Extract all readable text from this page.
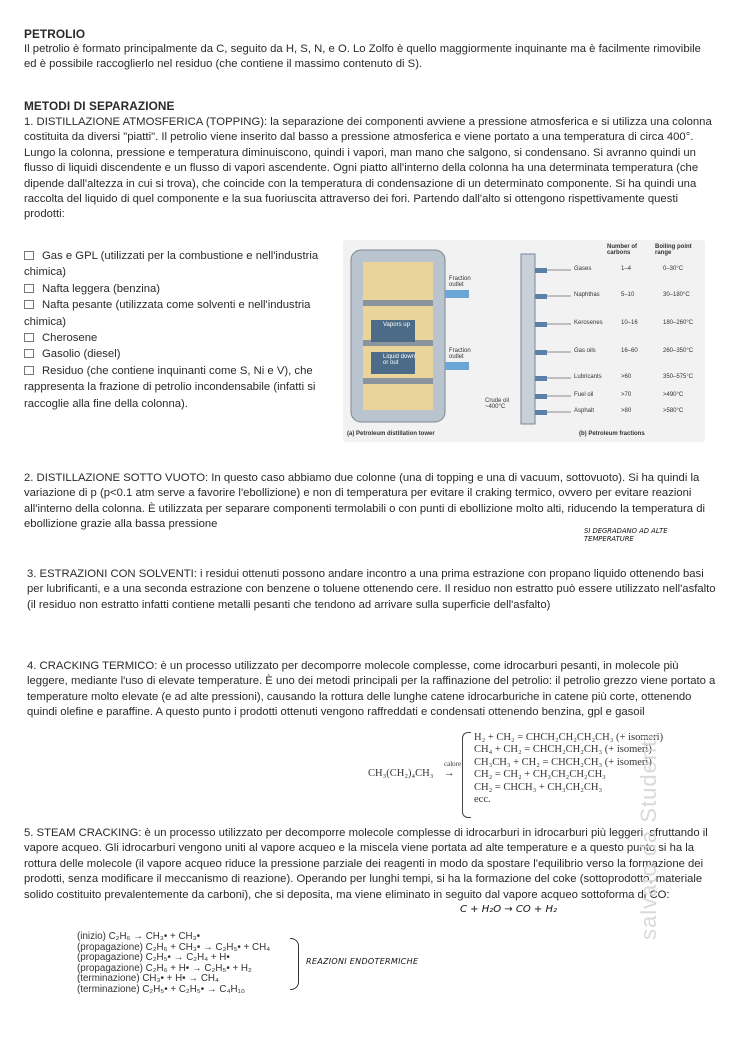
PETROLIO
Il petrolio è formato principalmente da C, seguito da H, S, N, e O. Lo Zolfo è quello maggiormente inquinante ma è facilmente rimovibile ed è possibile raccoglierlo nel residuo (che contiene il massimo contenuto di S).
METODI DI SEPARAZIONE
1. DISTILLAZIONE ATMOSFERICA (TOPPING): la separazione dei componenti avviene a pressione atmosferica e si utilizza una colonna costituita da diversi "piatti". Il petrolio viene inserito dal basso a pressione atmosferica e viene portato a una temperatura di circa 400°. Lungo la colonna, pressione e temperatura diminuiscono, quindi i vapori, man mano che salgono, si condensano. Si avranno quindi un flusso di liquidi discendente e un flusso di vapori ascendente. Ogni piatto all'interno della colonna ha una determinata temperatura (che dipende dall'altezza in cui si trova), che coincide con la temperatura di condensazione di un determinato componente. Si ha quindi una raccolta del liquido di quel componente e la sua fuoriuscita attraverso dei fori. Partendo dall'alto si ottengono rispettivamente questi prodotti:
Gas e GPL (utilizzati per la combustione e nell'industria chimica)
Nafta leggera (benzina)
Nafta pesante (utilizzata come solventi e nell'industria chimica)
Cherosene
Gasolio (diesel)
Residuo (che contiene inquinanti come S, Ni e V), che rappresenta la frazione di petrolio incondensabile (infatti si raccoglie alla fine della colonna).
Fraction outlet
Fraction outlet
Vapors up
Liquid down or out
Crude oil ~400°C
Number of carbons
Boiling point range
Gases	1–4	0–30°C
Naphthas	5–10	30–180°C
Kerosenes	10–16	180–260°C
Gas oils	16–60	260–350°C
Lubricants	>60	350–575°C
Fuel oil	>70	>490°C
Asphalt	>80	>580°C
(a) Petroleum distillation tower	(b) Petroleum fractions
2. DISTILLAZIONE SOTTO VUOTO: In questo caso abbiamo due colonne (una di topping e una di vacuum, sottovuoto). Si ha quindi la variazione di p (p<0.1 atm serve a favorire l'ebollizione) e non di temperatura per evitare il craking termico, ovvero per evitare reazioni all'interno della colonna. È utilizzata per separare componenti termolabili o con punti di ebollizione molto alti, riducendo la temperatura di ebollizione grazie alla bassa pressione
SI DEGRADANO AD ALTE TEMPERATURE
3. ESTRAZIONI CON SOLVENTI: i residui ottenuti possono andare incontro a una prima estrazione con propano liquido ottenendo basi per lubrificanti, e a una seconda estrazione con benzene o toluene ottenendo cere. Il residuo non estratto può essere utilizzato nell'asfalto (il residuo non estratto infatti contiene metalli pesanti che tendono ad arrivare sulla superficie dell'asfalto)
4. CRACKING TERMICO: è un processo utilizzato per decomporre molecole complesse, come idrocarburi pesanti, in molecole più leggere, mediante l'uso di elevate temperature. È uno dei metodi principali per la raffinazione del petrolio: il petrolio grezzo viene portato a temperature molto elevate (e ad alte pressioni), causando la rottura delle lunghe catene idrocarburiche in catene più corte, ottenendo quindi olefine e paraffine. A questo punto i prodotti ottenuti vengono raffreddati e condensati ottenendo benzina, gpl e gasoil
CH₃(CH₂)₄CH₃
calore
→
H₂ + CH₂ = CHCH₂CH₂CH₂CH₃ (+ isomeri)
CH₄ + CH₂ = CHCH₂CH₂CH₃ (+ isomeri)
CH₃CH₃ + CH₂ = CHCH₂CH₃ (+ isomeri)
CH₂ = CH₂ + CH₃CH₂CH₂CH₃
CH₂ = CHCH₃ + CH₃CH₂CH₃
ecc.
5. STEAM CRACKING: è un processo utilizzato per decomporre molecole complesse di idrocarburi in idrocarburi più leggeri, sfruttando il vapore acqueo. Gli idrocarburi vengono uniti al vapore acqueo e la miscela viene portata ad alte temperature e a questo punto si ha la rottura delle molecole (il vapore acqueo riduce la pressione parziale dei reagenti in modo da spostare l'equilibrio verso la formazione dei prodotti, senza modificare il meccanismo di reazione). Operando per lunghi tempi, si ha la formazione del coke (sottoprodotto, materiale solido costituito prevalentemente da carboni), che si deposita, ma viene eliminato in seguito dal vapore acqueo sottoforma di CO:
C + H₂O → CO + H₂
(inizio) C₂H₆ → CH₃• + CH₃•
(propagazione) C₂H₆ + CH₃• → C₂H₅• + CH₄
(propagazione) C₂H₅• → C₂H₄ + H•
(propagazione) C₂H₆ + H• → C₂H₅• + H₂
(terminazione) CH₃• + H• → CH₄
(terminazione) C₂H₅• + C₂H₅• → C₄H₁₀
REAZIONI ENDOTERMICHE
salvato da Studenti
